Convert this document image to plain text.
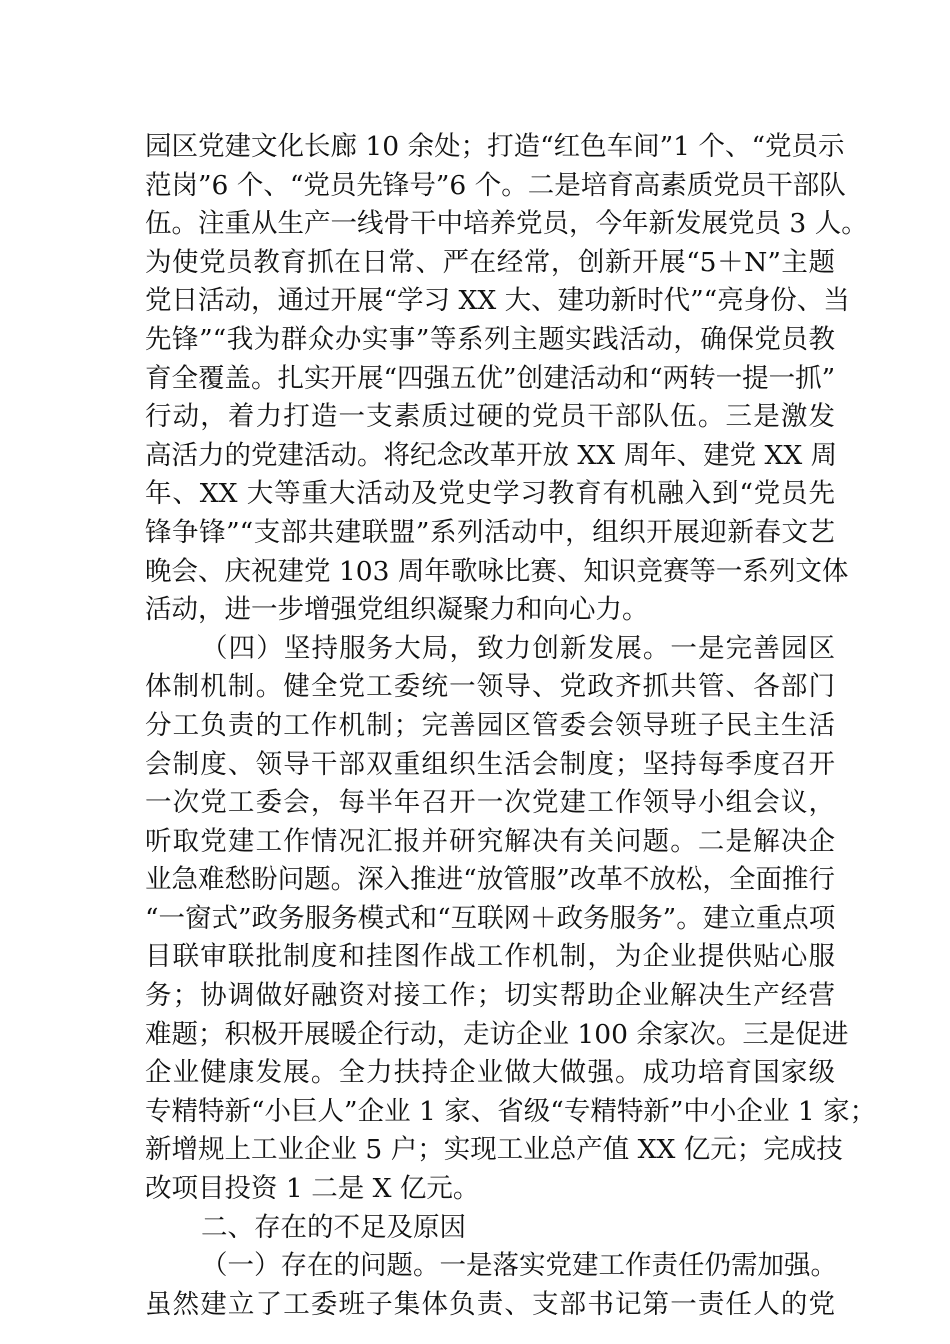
园区党建文化长廊 10 余处；打造“红色车间”1 个、“党员示
范岗”6 个、“党员先锋号”6 个。二是培育高素质党员干部队
伍。注重从生产一线骨干中培养党员，今年新发展党员 3 人。
为使党员教育抓在日常、严在经常，创新开展“5＋N”主题
党日活动，通过开展“学习 XX 大、建功新时代”“亮身份、当
先锋”“我为群众办实事”等系列主题实践活动，确保党员教
育全覆盖。扎实开展“四强五优”创建活动和“两转一提一抓”
行动，着力打造一支素质过硬的党员干部队伍。三是激发
高活力的党建活动。将纪念改革开放 XX 周年、建党 XX 周
年、XX 大等重大活动及党史学习教育有机融入到“党员先
锋争锋”“支部共建联盟”系列活动中，组织开展迎新春文艺
晚会、庆祝建党 103 周年歌咏比赛、知识竞赛等一系列文体
活动，进一步增强党组织凝聚力和向心力。
（四）坚持服务大局，致力创新发展。一是完善园区
体制机制。健全党工委统一领导、党政齐抓共管、各部门
分工负责的工作机制；完善园区管委会领导班子民主生活
会制度、领导干部双重组织生活会制度；坚持每季度召开
一次党工委会，每半年召开一次党建工作领导小组会议，
听取党建工作情况汇报并研究解决有关问题。二是解决企
业急难愁盼问题。深入推进“放管服”改革不放松，全面推行
“一窗式”政务服务模式和“互联网＋政务服务”。建立重点项
目联审联批制度和挂图作战工作机制，为企业提供贴心服
务；协调做好融资对接工作；切实帮助企业解决生产经营
难题；积极开展暖企行动，走访企业 100 余家次。三是促进
企业健康发展。全力扶持企业做大做强。成功培育国家级
专精特新“小巨人”企业 1 家、省级“专精特新”中小企业 1 家；
新增规上工业企业 5 户；实现工业总产值 XX 亿元；完成技
改项目投资 1 二是 X 亿元。
二、存在的不足及原因
（一）存在的问题。一是落实党建工作责任仍需加强。
虽然建立了工委班子集体负责、支部书记第一责任人的党
